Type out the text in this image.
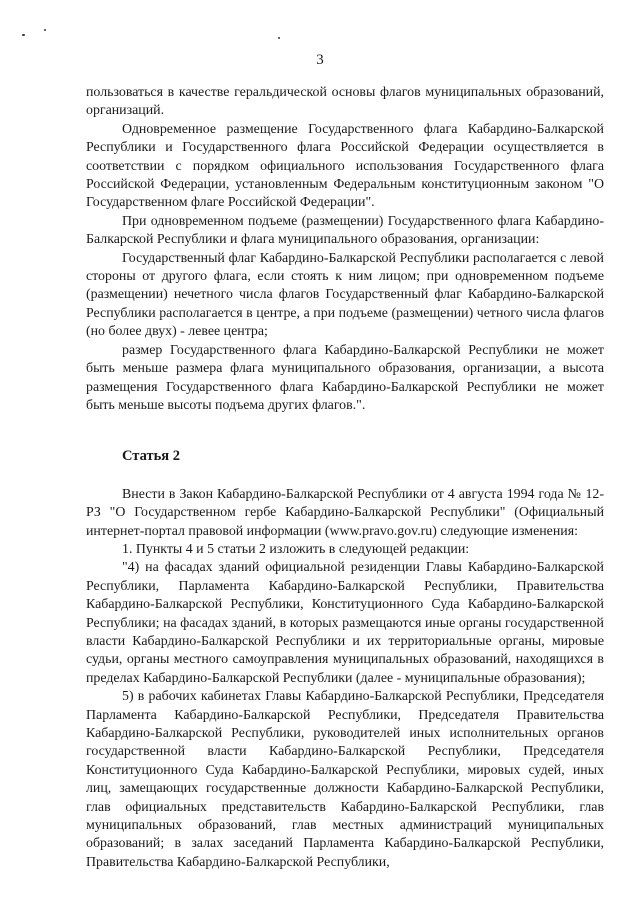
3

пользоваться в качестве геральдической основы флагов муниципальных образований, организаций.

Одновременное размещение Государственного флага Кабардино-Балкарской Республики и Государственного флага Российской Федерации осуществляется в соответствии с порядком официального использования Государственного флага Российской Федерации, установленным Федеральным конституционным законом "О Государственном флаге Российской Федерации".

При одновременном подъеме (размещении) Государственного флага Кабардино-Балкарской Республики и флага муниципального образования, организации:

Государственный флаг Кабардино-Балкарской Республики располагается с левой стороны от другого флага, если стоять к ним лицом; при одновременном подъеме (размещении) нечетного числа флагов Государственный флаг Кабардино-Балкарской Республики располагается в центре, а при подъеме (размещении) четного числа флагов (но более двух) - левее центра;

размер Государственного флага Кабардино-Балкарской Республики не может быть меньше размера флага муниципального образования, организации, а высота размещения Государственного флага Кабардино-Балкарской Республики не может быть меньше высоты подъема других флагов.".

Статья 2

Внести в Закон Кабардино-Балкарской Республики от 4 августа 1994 года № 12-РЗ "О Государственном гербе Кабардино-Балкарской Республики" (Официальный интернет-портал правовой информации (www.pravo.gov.ru) следующие изменения:

1. Пункты 4 и 5 статьи 2 изложить в следующей редакции:

"4) на фасадах зданий официальной резиденции Главы Кабардино-Балкарской Республики, Парламента Кабардино-Балкарской Республики, Правительства Кабардино-Балкарской Республики, Конституционного Суда Кабардино-Балкарской Республики; на фасадах зданий, в которых размещаются иные органы государственной власти Кабардино-Балкарской Республики и их территориальные органы, мировые судьи, органы местного самоуправления муниципальных образований, находящихся в пределах Кабардино-Балкарской Республики (далее - муниципальные образования);

5) в рабочих кабинетах Главы Кабардино-Балкарской Республики, Председателя Парламента Кабардино-Балкарской Республики, Председателя Правительства Кабардино-Балкарской Республики, руководителей иных исполнительных органов государственной власти Кабардино-Балкарской Республики, Председателя Конституционного Суда Кабардино-Балкарской Республики, мировых судей, иных лиц, замещающих государственные должности Кабардино-Балкарской Республики, глав официальных представительств Кабардино-Балкарской Республики, глав муниципальных образований, глав местных администраций муниципальных образований; в залах заседаний Парламента Кабардино-Балкарской Республики, Правительства Кабардино-Балкарской Республики,
